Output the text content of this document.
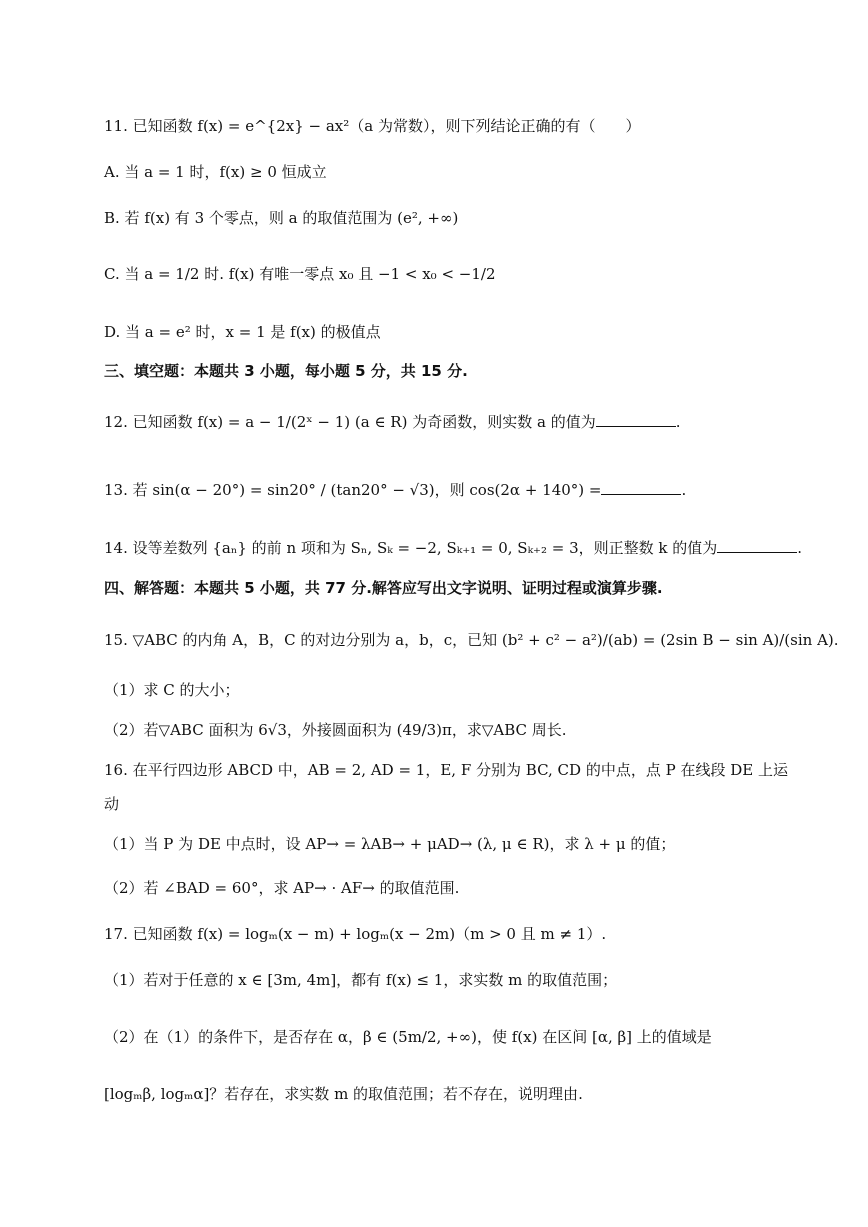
11. 已知函数 f(x) = e^{2x} − ax²（a 为常数），则下列结论正确的有（　　）
A. 当 a = 1 时，f(x) ≥ 0 恒成立
B. 若 f(x) 有 3 个零点，则 a 的取值范围为 (e², +∞)
C. 当 a = 1/2 时. f(x) 有唯一零点 x₀ 且 −1 < x₀ < −1/2
D. 当 a = e² 时，x = 1 是 f(x) 的极值点
三、填空题：本题共 3 小题，每小题 5 分，共 15 分.
12. 已知函数 f(x) = a − 1/(2ˣ − 1) (a ∈ R) 为奇函数，则实数 a 的值为	.
13. 若 sin(α − 20°) = sin20° / (tan20° − √3)，则 cos(2α + 140°) =	.
14. 设等差数列 {aₙ} 的前 n 项和为 Sₙ, Sₖ = −2, Sₖ₊₁ = 0, Sₖ₊₂ = 3，则正整数 k 的值为	.
四、解答题：本题共 5 小题，共 77 分.解答应写出文字说明、证明过程或演算步骤.
15. ▽ABC 的内角 A，B，C 的对边分别为 a，b，c，已知 (b² + c² − a²)/(ab) = (2sin B − sin A)/(sin A).
（1）求 C 的大小；
（2）若▽ABC 面积为 6√3，外接圆面积为 (49/3)π，求▽ABC 周长.
16. 在平行四边形 ABCD 中，AB = 2, AD = 1，E, F 分别为 BC, CD 的中点，点 P 在线段 DE 上运
动
（1）当 P 为 DE 中点时，设 AP→ = λAB→ + μAD→ (λ, μ ∈ R)，求 λ + μ 的值；
（2）若 ∠BAD = 60°，求 AP→ · AF→ 的取值范围.
17. 已知函数 f(x) = logₘ(x − m) + logₘ(x − 2m)（m > 0 且 m ≠ 1）.
（1）若对于任意的 x ∈ [3m, 4m]，都有 f(x) ≤ 1，求实数 m 的取值范围；
（2）在（1）的条件下，是否存在 α，β ∈ (5m/2, +∞)，使 f(x) 在区间 [α, β] 上的值域是
[logₘβ, logₘα]？若存在，求实数 m 的取值范围；若不存在，说明理由.
